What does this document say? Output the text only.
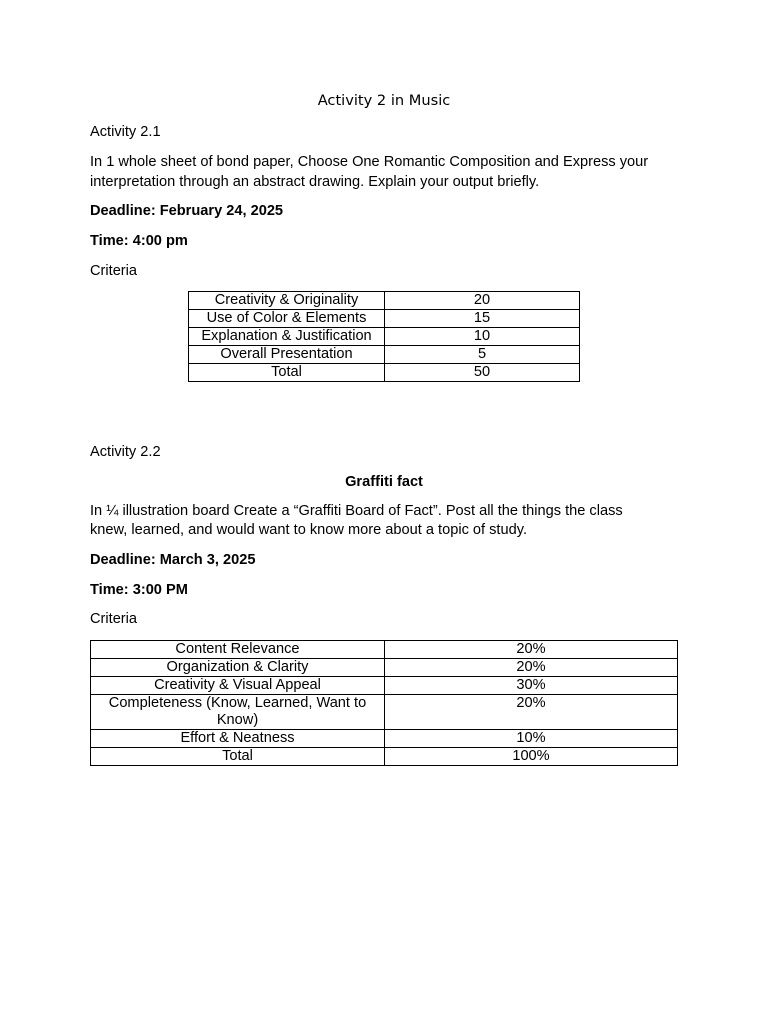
Activity 2 in Music
Activity 2.1
In 1 whole sheet of bond paper, Choose One Romantic Composition and Express your
interpretation through an abstract drawing. Explain your output briefly.
Deadline: February 24, 2025
Time: 4:00 pm
Criteria
Creativity & Originality	20
Use of Color & Elements	15
Explanation & Justification	10
Overall Presentation	5
Total	50
Activity 2.2
Graffiti fact
In ¼ illustration board Create a “Graffiti Board of Fact”. Post all the things the class
knew, learned, and would want to know more about a topic of study.
Deadline: March 3, 2025
Time: 3:00 PM
Criteria
Content Relevance	20%
Organization & Clarity	20%
Creativity & Visual Appeal	30%
Completeness (Know, Learned, Want to Know)	20%
Effort & Neatness	10%
Total	100%
